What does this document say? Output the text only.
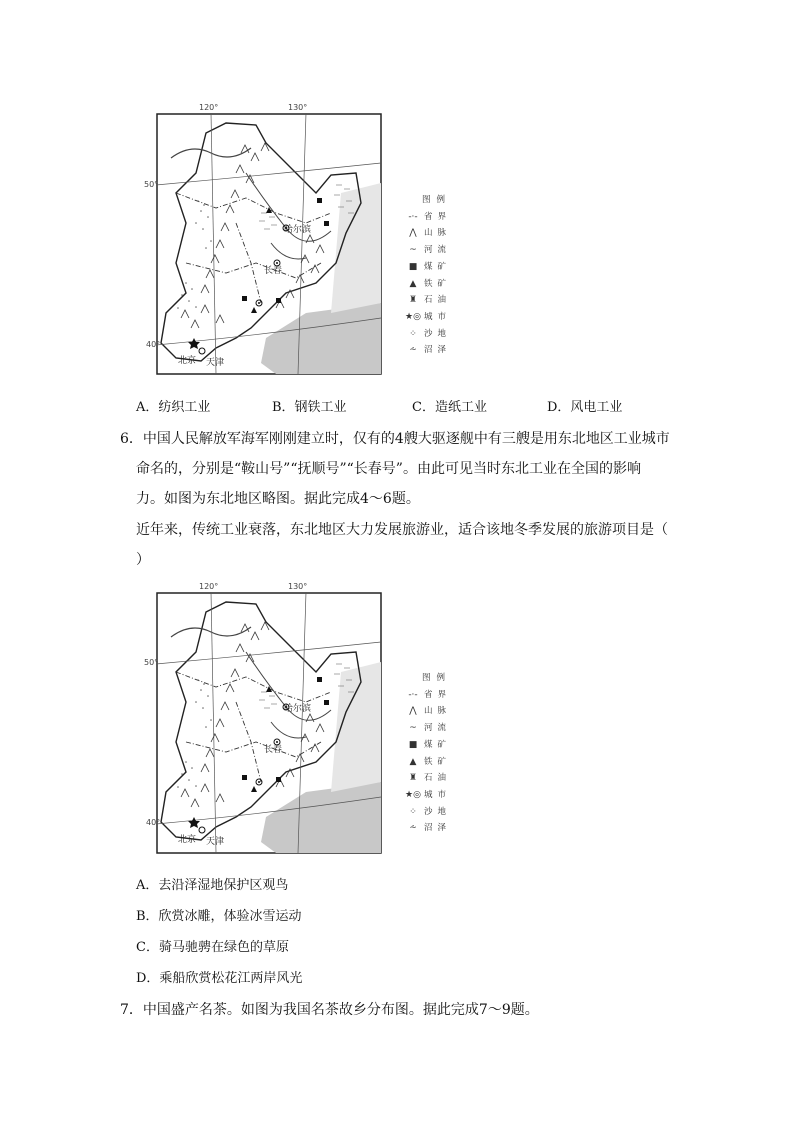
哈尔滨
长春
北京 天津
120°	130°
50°
40°
图例
-·- 省界
⋀ 山脉
~ 河流
■ 煤矿
▲ 铁矿
♜ 石油
★◎ 城市
⁘ 沙地
⩪ 沼泽
A．纺织工业	B．钢铁工业	C．造纸工业	D．风电工业
6．中国人民解放军海军刚刚建立时，仅有的4艘大驱逐舰中有三艘是用东北地区工业城市
命名的，分别是“鞍山号”“抚顺号”“长春号”。由此可见当时东北工业在全国的影响
力。如图为东北地区略图。据此完成4～6题。
近年来，传统工业衰落，东北地区大力发展旅游业，适合该地冬季发展的旅游项目是（
）
哈尔滨
长春
北京 天津
120°	130°
50°
40°
图例
-·- 省界
⋀ 山脉
~ 河流
■ 煤矿
▲ 铁矿
♜ 石油
★◎ 城市
⁘ 沙地
⩪ 沼泽
A．去沿泽湿地保护区观鸟
B．欣赏冰雕，体验冰雪运动
C．骑马驰骋在绿色的草原
D．乘船欣赏松花江两岸风光
7．中国盛产名茶。如图为我国名茶故乡分布图。据此完成7～9题。
